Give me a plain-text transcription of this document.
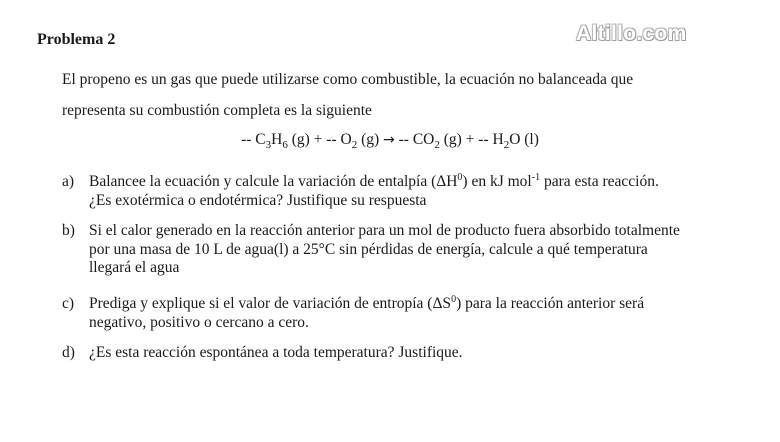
Problema 2	Altillo.com
El propeno es un gas que puede utilizarse como combustible, la ecuación no balanceada que
representa su combustión completa es la siguiente
-- $C_3H_6$ (g) + -- $O_2$ (g) → -- $CO_2$ (g) + -- $H_2O$ (l)
a) Balancee la ecuación y calcule la variación de entalpía $(\Delta H^0)$ en kJ mol$^{-1}$ para esta reacción.
¿Es exotérmica o endotérmica? Justifique su respuesta
b) Si el calor generado en la reacción anterior para un mol de producto fuera absorbido totalmente
por una masa de 10 L de agua(l) a 25°C sin pérdidas de energía, calcule a qué temperatura
llegará el agua
c) Prediga y explique si el valor de variación de entropía $(\Delta S^0)$ para la reacción anterior será
negativo, positivo o cercano a cero.
d) ¿Es esta reacción espontánea a toda temperatura? Justifique.
